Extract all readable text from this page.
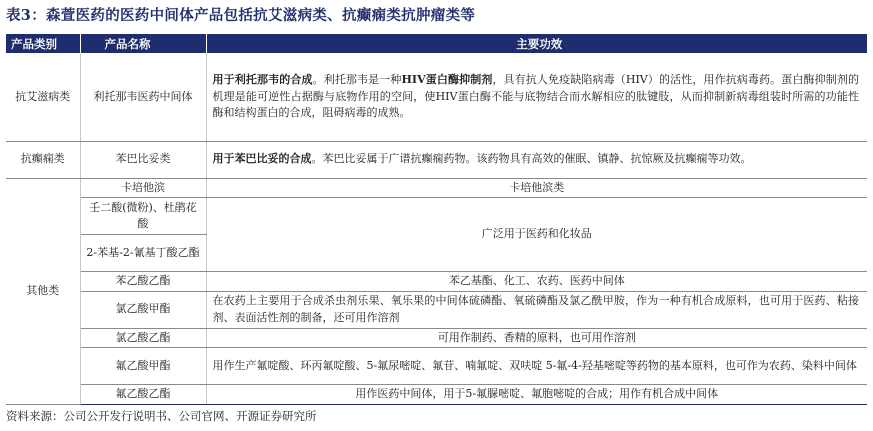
表3：森萱医药的医药中间体产品包括抗艾滋病类、抗癫痫类抗肿瘤类等
产品类别	产品名称	主要功效

抗艾滋病类	利托那韦医药中间体	用于利托那韦的合成。利托那韦是一种HIV蛋白酶抑制剂，具有抗人免疫缺陷病毒（HIV）的活性，用作抗病毒药。蛋白酶抑制剂的机理是能可逆性占据酶与底物作用的空间，使HIV蛋白酶不能与底物结合而水解相应的肽键肢，从而抑制新病毒组装时所需的功能性酶和结构蛋白的合成，阻碍病毒的成熟。
抗癫痫类	苯巴比妥类	用于苯巴比妥的合成。苯巴比妥属于广谱抗癫痫药物。该药物具有高效的催眠、镇静、抗惊厥及抗癫痫等功效。
其他类	卡培他滨	卡培他滨类
	壬二酸(微粉)、杜鹃花酸	广泛用于医药和化妆品
	2-苯基-2-氰基丁酸乙酯	
	苯乙酸乙酯	苯乙基酯、化工、农药、医药中间体
	氯乙酸甲酯	在农药上主要用于合成杀虫剂乐果、氧乐果的中间体硫磷酯、氧硫磷酯及氯乙酰甲胺，作为一种有机合成原料，也可用于医药、粘接剂、表面活性剂的制备，还可用作溶剂
	氯乙酸乙酯	可用作制药、香精的原料，也可用作溶剂
	氟乙酸甲酯	用作生产氟啶酸、环丙氟啶酸、5-氟尿嘧啶、氟苷、喃氟啶、双呋啶 5-氟-4-羟基嘧啶等药物的基本原料，也可作为农药、染料中间体
	氟乙酸乙酯	用作医药中间体，用于5-氟脲嘧啶、氟胞嘧啶的合成；用作有机合成中间体
资料来源：公司公开发行说明书、公司官网、开源证券研究所
